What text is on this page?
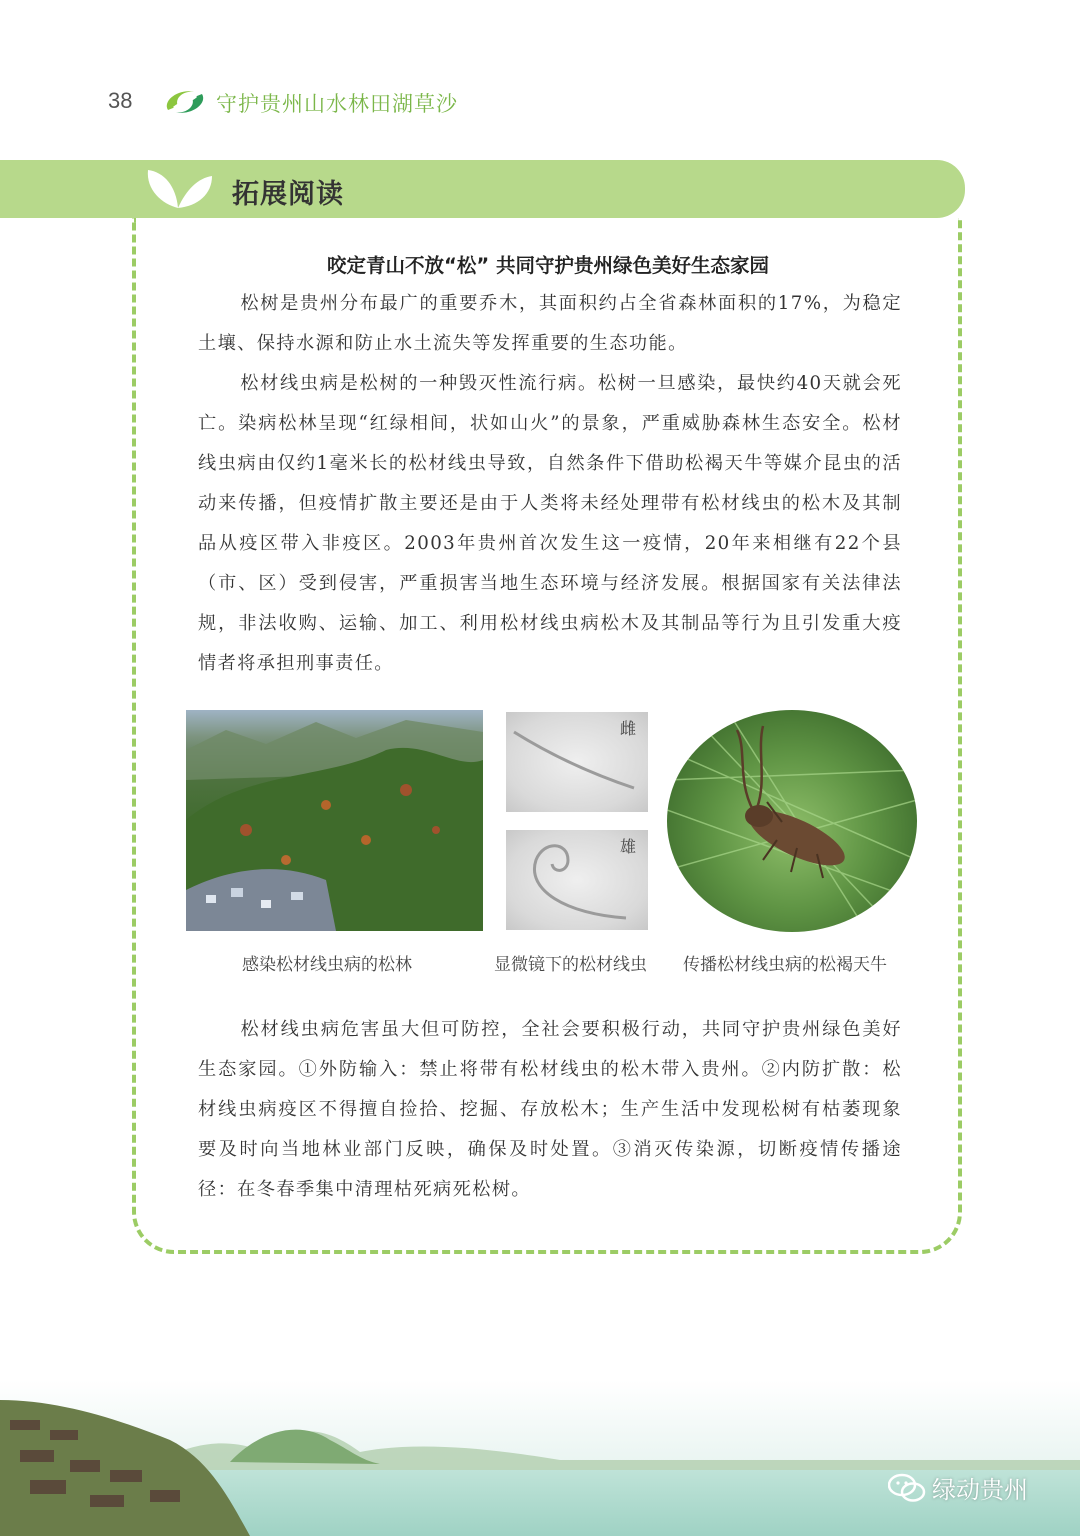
38	守护贵州山水林田湖草沙
拓展阅读
咬定青山不放“松” 共同守护贵州绿色美好生态家园

松树是贵州分布最广的重要乔木，其面积约占全省森林面积的17%，为稳定土壤、保持水源和防止水土流失等发挥重要的生态功能。

松材线虫病是松树的一种毁灭性流行病。松树一旦感染，最快约40天就会死亡。染病松林呈现“红绿相间，状如山火”的景象，严重威胁森林生态安全。松材线虫病由仅约1毫米长的松材线虫导致，自然条件下借助松褐天牛等媒介昆虫的活动来传播，但疫情扩散主要还是由于人类将未经处理带有松材线虫的松木及其制品从疫区带入非疫区。2003年贵州首次发生这一疫情，20年来相继有22个县（市、区）受到侵害，严重损害当地生态环境与经济发展。根据国家有关法律法规，非法收购、运输、加工、利用松材线虫病松木及其制品等行为且引发重大疫情者将承担刑事责任。

雌
雄
感染松材线虫病的松林	显微镜下的松材线虫 传播松材线虫病的松褐天牛

松材线虫病危害虽大但可防控，全社会要积极行动，共同守护贵州绿色美好生态家园。①外防输入：禁止将带有松材线虫的松木带入贵州。②内防扩散：松材线虫病疫区不得擅自捡拾、挖掘、存放松木；生产生活中发现松树有枯萎现象要及时向当地林业部门反映，确保及时处置。③消灭传染源，切断疫情传播途径：在冬春季集中清理枯死病死松树。

绿动贵州
